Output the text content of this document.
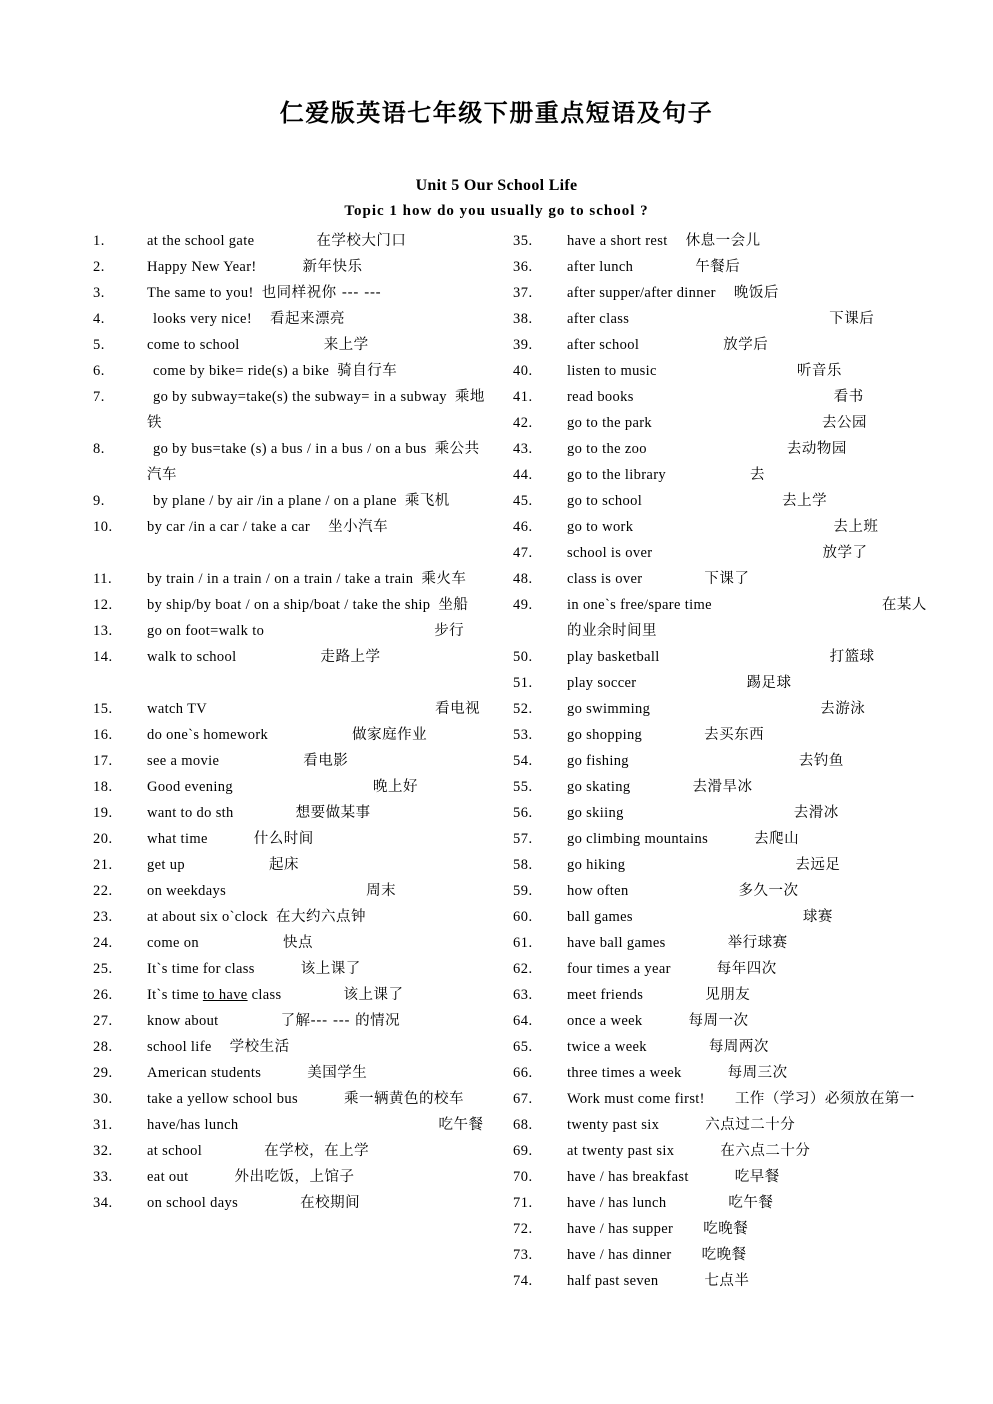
仁爱版英语七年级下册重点短语及句子
Unit 5 Our School Life
Topic 1 how do you usually go to school ?
1.	at the school gate	在学校大门口
2.	Happy New Year!	新年快乐
3.	The same to you! 也同样祝你 --- ---
4.	looks very nice! 看起来漂亮
5.	come to school	来上学
6.	come by bike= ride(s) a bike 骑自行车
7.	go by subway=take(s) the subway= in a subway 乘地铁
8.	go by bus=take (s) a bus / in a bus / on a bus 乘公共汽车
9.	by plane / by air /in a plane / on a plane 乘飞机
10. by car /in a car / take a car 坐小汽车
11. by train / in a train / on a train / take a train 乘火车
12. by ship/by boat / on a ship/boat / take the ship 坐船
13. go on foot=walk to	步行
14. walk to school	走路上学
15. watch TV	看电视
16. do one`s homework	做家庭作业
17. see a movie	看电影
18. Good evening	晚上好
19. want to do sth	想要做某事
20. what time	什么时间
21. get up	起床
22. on weekdays	周末
23. at about six o`clock 在大约六点钟
24. come on	快点
25. It`s time for class	该上课了
26. It`s time to have class	该上课了
27. know about	了解--- --- 的情况
28. school life 学校生活
29. American students	美国学生
30. take a yellow school bus	乘一辆黄色的校车
31. have/has lunch	吃午餐
32. at school	在学校，在上学
33. eat out	外出吃饭，上馆子
34. on school days	在校期间
35. have a short rest 休息一会儿
36. after lunch	午餐后
37. after supper/after dinner 晚饭后
38. after class	下课后
39. after school	放学后
40. listen to music	听音乐
41. read books	看书
42. go to the park	去公园
43. go to the zoo	去动物园
44. go to the library	去
45. go to school	去上学
46. go to work	去上班
47. school is over	放学了
48. class is over	下课了
49. in one`s free/spare time	在某人的业余时间里
50. play basketball	打篮球
51. play soccer	踢足球
52. go swimming	去游泳
53. go shopping	去买东西
54. go fishing	去钓鱼
55. go skating	去滑旱冰
56. go skiing	去滑冰
57. go climbing mountains	去爬山
58. go hiking	去远足
59. how often	多久一次
60. ball games	球赛
61. have ball games	举行球赛
62. four times a year	每年四次
63. meet friends	见朋友
64. once a week	每周一次
65. twice a week	每周两次
66. three times a week	每周三次
67. Work must come first! 工作（学习）必须放在第一
68. twenty past six	六点过二十分
69. at twenty past six	在六点二十分
70. have / has breakfast	吃早餐
71. have / has lunch	吃午餐
72. have / has supper 吃晚餐
73. have / has dinner 吃晚餐
74. half past seven	七点半
